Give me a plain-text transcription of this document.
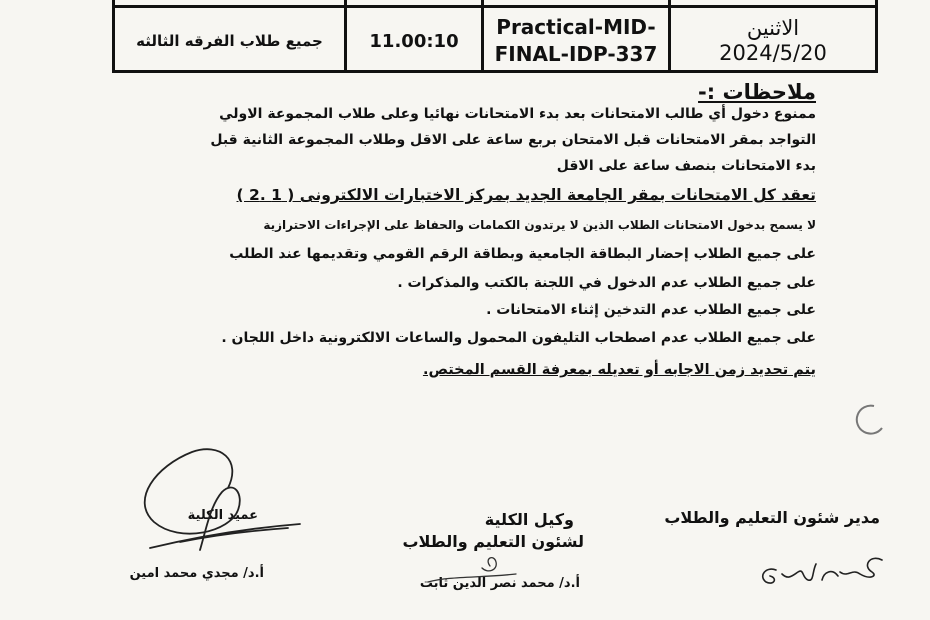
الاثنين
2024/5/20
Practical-MID-
FINAL-IDP-337
11.00:10
جميع طلاب الفرقه الثالثه
ملاحظات :-
ممنوع دخول أي طالب الامتحانات بعد بدء الامتحانات نهائيا وعلى طلاب المجموعة الاولي
التواجد بمقر الامتحانات قبل الامتحان بربع ساعة على الاقل وطلاب المجموعة الثانية قبل
بدء الامتحانات بنصف ساعة على الاقل
تعقد كل الامتحانات بمقر الجامعة الجديد بمركز الاختبارات الالكترونى ( 1 .2 )
لا يسمح بدخول الامتحانات الطلاب الذين لا يرتدون الكمامات والحفاظ على الإجراءات الاحترازية
على جميع الطلاب إحضار البطاقة الجامعية وبطاقة الرقم القومي وتقديمها عند الطلب
على جميع الطلاب عدم الدخول في اللجنة بالكتب والمذكرات .
على جميع الطلاب عدم التدخين إثناء الامتحانات .
على جميع الطلاب عدم اصطحاب التليفون المحمول والساعات الالكترونية داخل اللجان .
يتم تحديد زمن الاجابه أو تعديله بمعرفة القسم المختص.
مدير شئون التعليم والطلاب
وكيل الكلية
لشئون التعليم والطلاب
أ.د/ محمد نصر الدين ثابت
عميد الكلية
أ.د/ مجدي محمد امين
